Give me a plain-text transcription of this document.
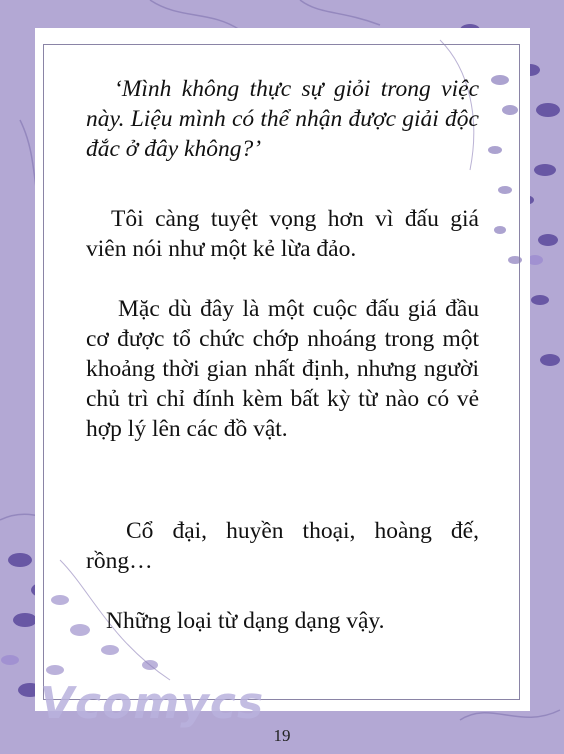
‘Mình không thực sự giỏi trong việc này. Liệu mình có thể nhận được giải độc đắc ở đây không?’

Tôi càng tuyệt vọng hơn vì đấu giá viên nói như một kẻ lừa đảo.

Mặc dù đây là một cuộc đấu giá đầu cơ được tổ chức chớp nhoáng trong một khoảng thời gian nhất định, nhưng người chủ trì chỉ đính kèm bất kỳ từ nào có vẻ hợp lý lên các đồ vật.

Cổ đại, huyền thoại, hoàng đế, rồng…

Những loại từ dạng dạng vậy.

Vcomycs
19
